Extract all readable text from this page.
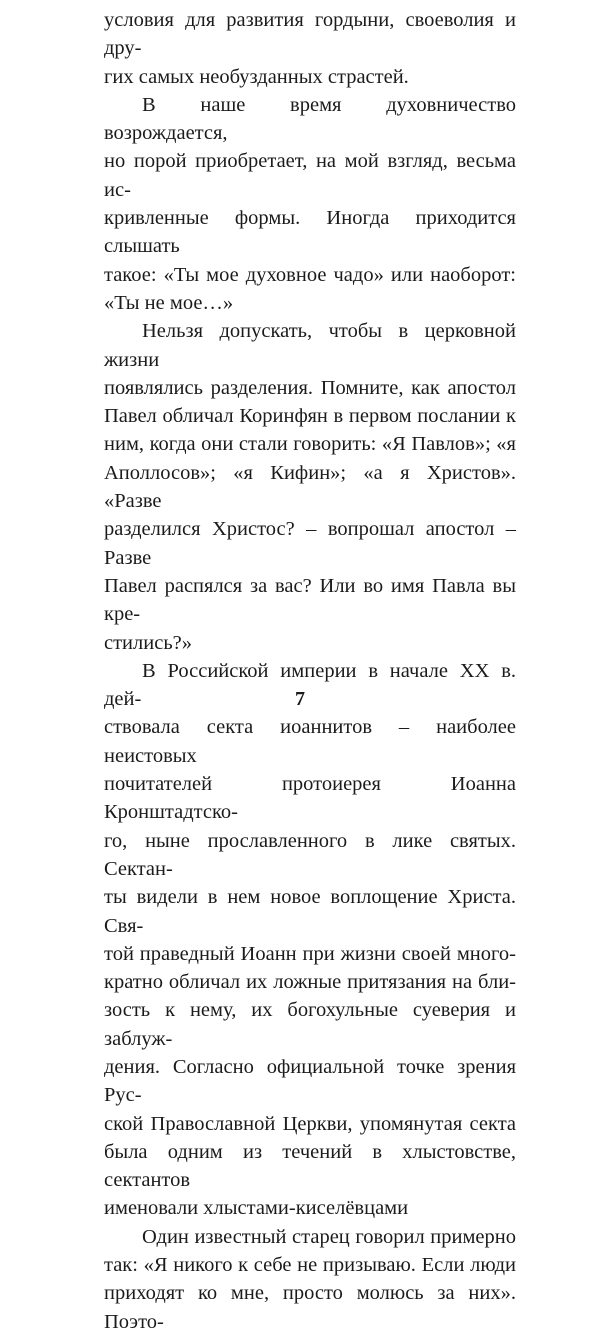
условия для развития гордыни, своеволия и дру-
гих самых необузданных страстей.
В наше время духовничество возрождается,
но порой приобретает, на мой взгляд, весьма ис-
кривленные формы. Иногда приходится слышать
такое: «Ты мое духовное чадо» или наоборот:
«Ты не мое…»
Нельзя допускать, чтобы в церковной жизни
появлялись разделения. Помните, как апостол
Павел обличал Коринфян в первом послании к
ним, когда они стали говорить: «Я Павлов»; «я
Аполлосов»; «я Кифин»; «а я Христов». «Разве
разделился Христос? – вопрошал апостол – Разве
Павел распялся за вас? Или во имя Павла вы кре-
стились?»
В Российской империи в начале XX в. дей-
ствовала секта иоаннитов – наиболее неистовых
почитателей протоиерея Иоанна Кронштадтско-
го, ныне прославленного в лике святых. Сектан-
ты видели в нем новое воплощение Христа. Свя-
той праведный Иоанн при жизни своей много-
кратно обличал их ложные притязания на бли-
зость к нему, их богохульные суеверия и заблуж-
дения. Согласно официальной точке зрения Рус-
ской Православной Церкви, упомянутая секта
была одним из течений в хлыстовстве, сектантов
именовали хлыстами-киселёвцами
Один известный старец говорил примерно
так: «Я никого к себе не призываю. Если люди
приходят ко мне, просто молюсь за них». Поэто-
7
